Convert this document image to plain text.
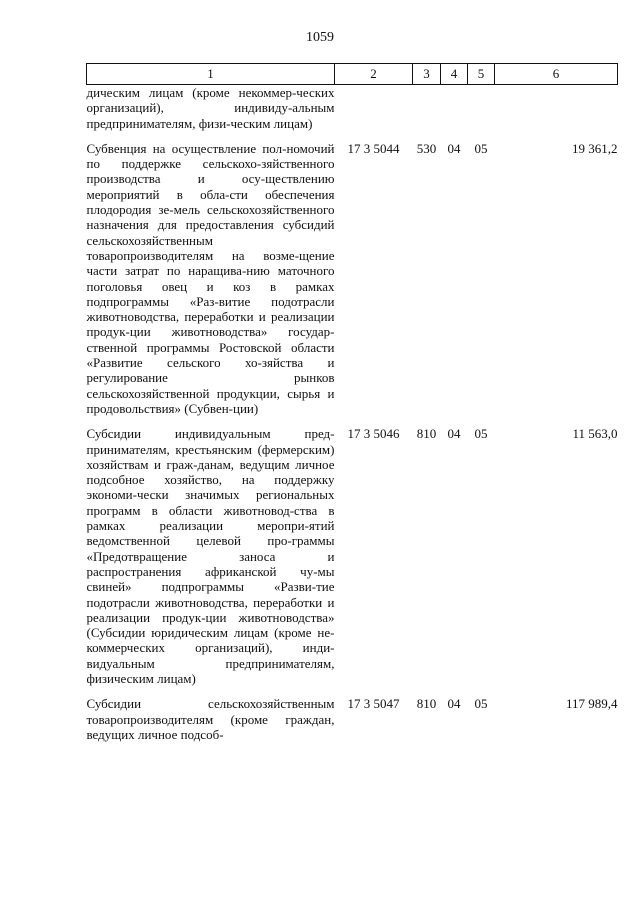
1059
1	2	3	4	5	6
дическим лицам (кроме некоммер-ческих организаций), индивиду-альным предпринимателям, физи-ческим лицам)					

Субвенция на осуществление пол-номочий по поддержке сельскохо-зяйственного производства и осу-ществлению мероприятий в обла-сти обеспечения плодородия зе-мель сельскохозяйственного назначения для предоставления субсидий сельскохозяйственным товаропроизводителям на возме-щение части затрат по наращива-нию маточного поголовья овец и коз в рамках подпрограммы «Раз-витие подотрасли животноводства, переработки и реализации продук-ции животноводства» государ-ственной программы Ростовской области «Развитие сельского хо-зяйства и регулирование рынков сельскохозяйственной продукции, сырья и продовольствия» (Субвен-ции)	17 3 5044	530	04	05	19 361,2

Субсидии индивидуальным пред-принимателям, крестьянским (фермерским) хозяйствам и граж-данам, ведущим личное подсобное хозяйство, на поддержку экономи-чески значимых региональных программ в области животновод-ства в рамках реализации меропри-ятий ведомственной целевой про-граммы «Предотвращение заноса и распространения африканской чу-мы свиней» подпрограммы «Разви-тие подотрасли животноводства, переработки и реализации продук-ции животноводства» (Субсидии юридическим лицам (кроме не-коммерческих организаций), инди-видуальным предпринимателям, физическим лицам)	17 3 5046	810	04	05	11 563,0

Субсидии сельскохозяйственным товаропроизводителям (кроме граждан, ведущих личное подсоб-	17 3 5047	810	04	05	117 989,4
